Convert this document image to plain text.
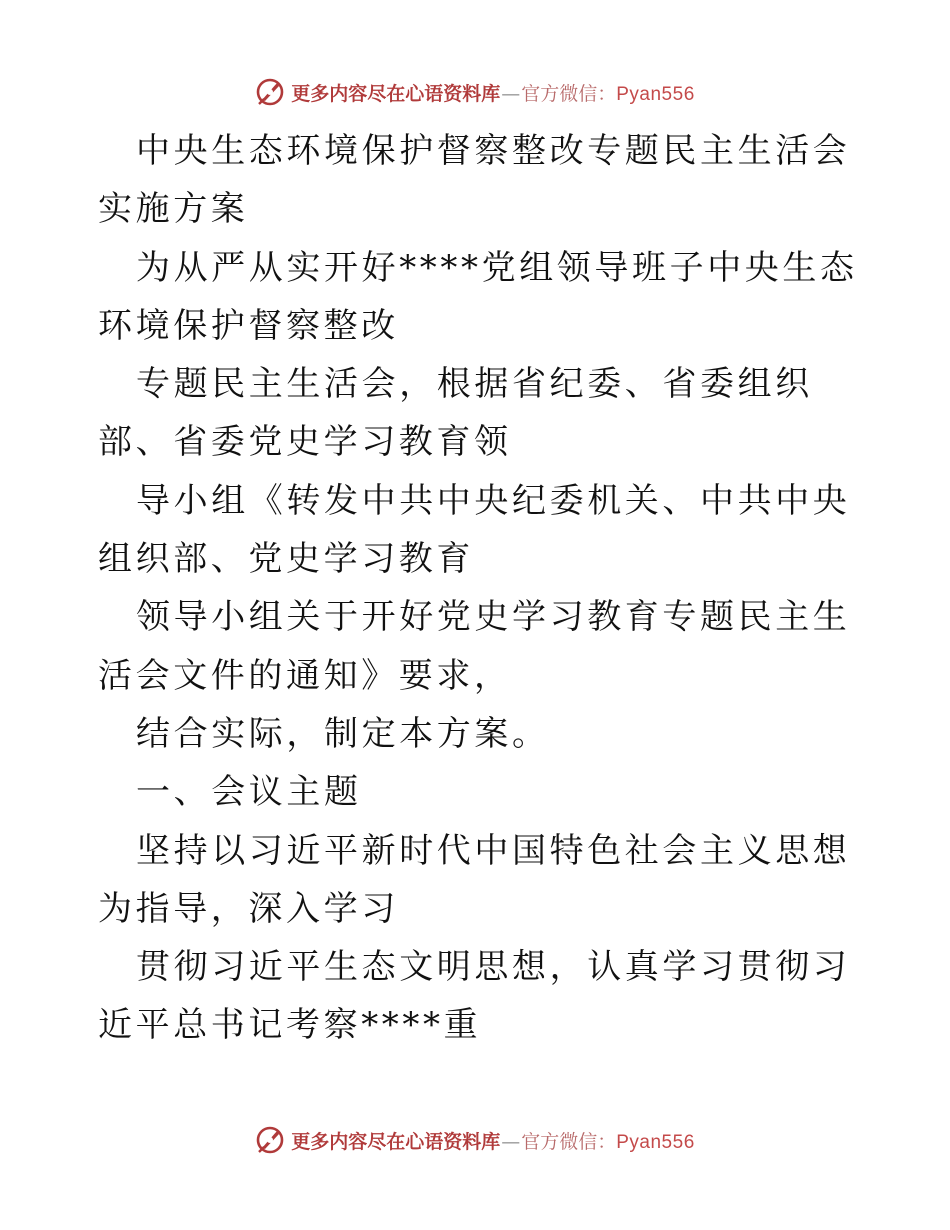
更多内容尽在心语资料库 — 官方微信： Pyan556

中央生态环境保护督察整改专题民主生活会实施方案

为从严从实开好****党组领导班子中央生态环境保护督察整改

专题民主生活会，根据省纪委、省委组织部、省委党史学习教育领

导小组《转发中共中央纪委机关、中共中央组织部、党史学习教育

领导小组关于开好党史学习教育专题民主生活会文件的通知》要求，

结合实际，制定本方案。

一、会议主题

坚持以习近平新时代中国特色社会主义思想为指导，深入学习

贯彻习近平生态文明思想，认真学习贯彻习近平总书记考察****重

更多内容尽在心语资料库 — 官方微信： Pyan556
